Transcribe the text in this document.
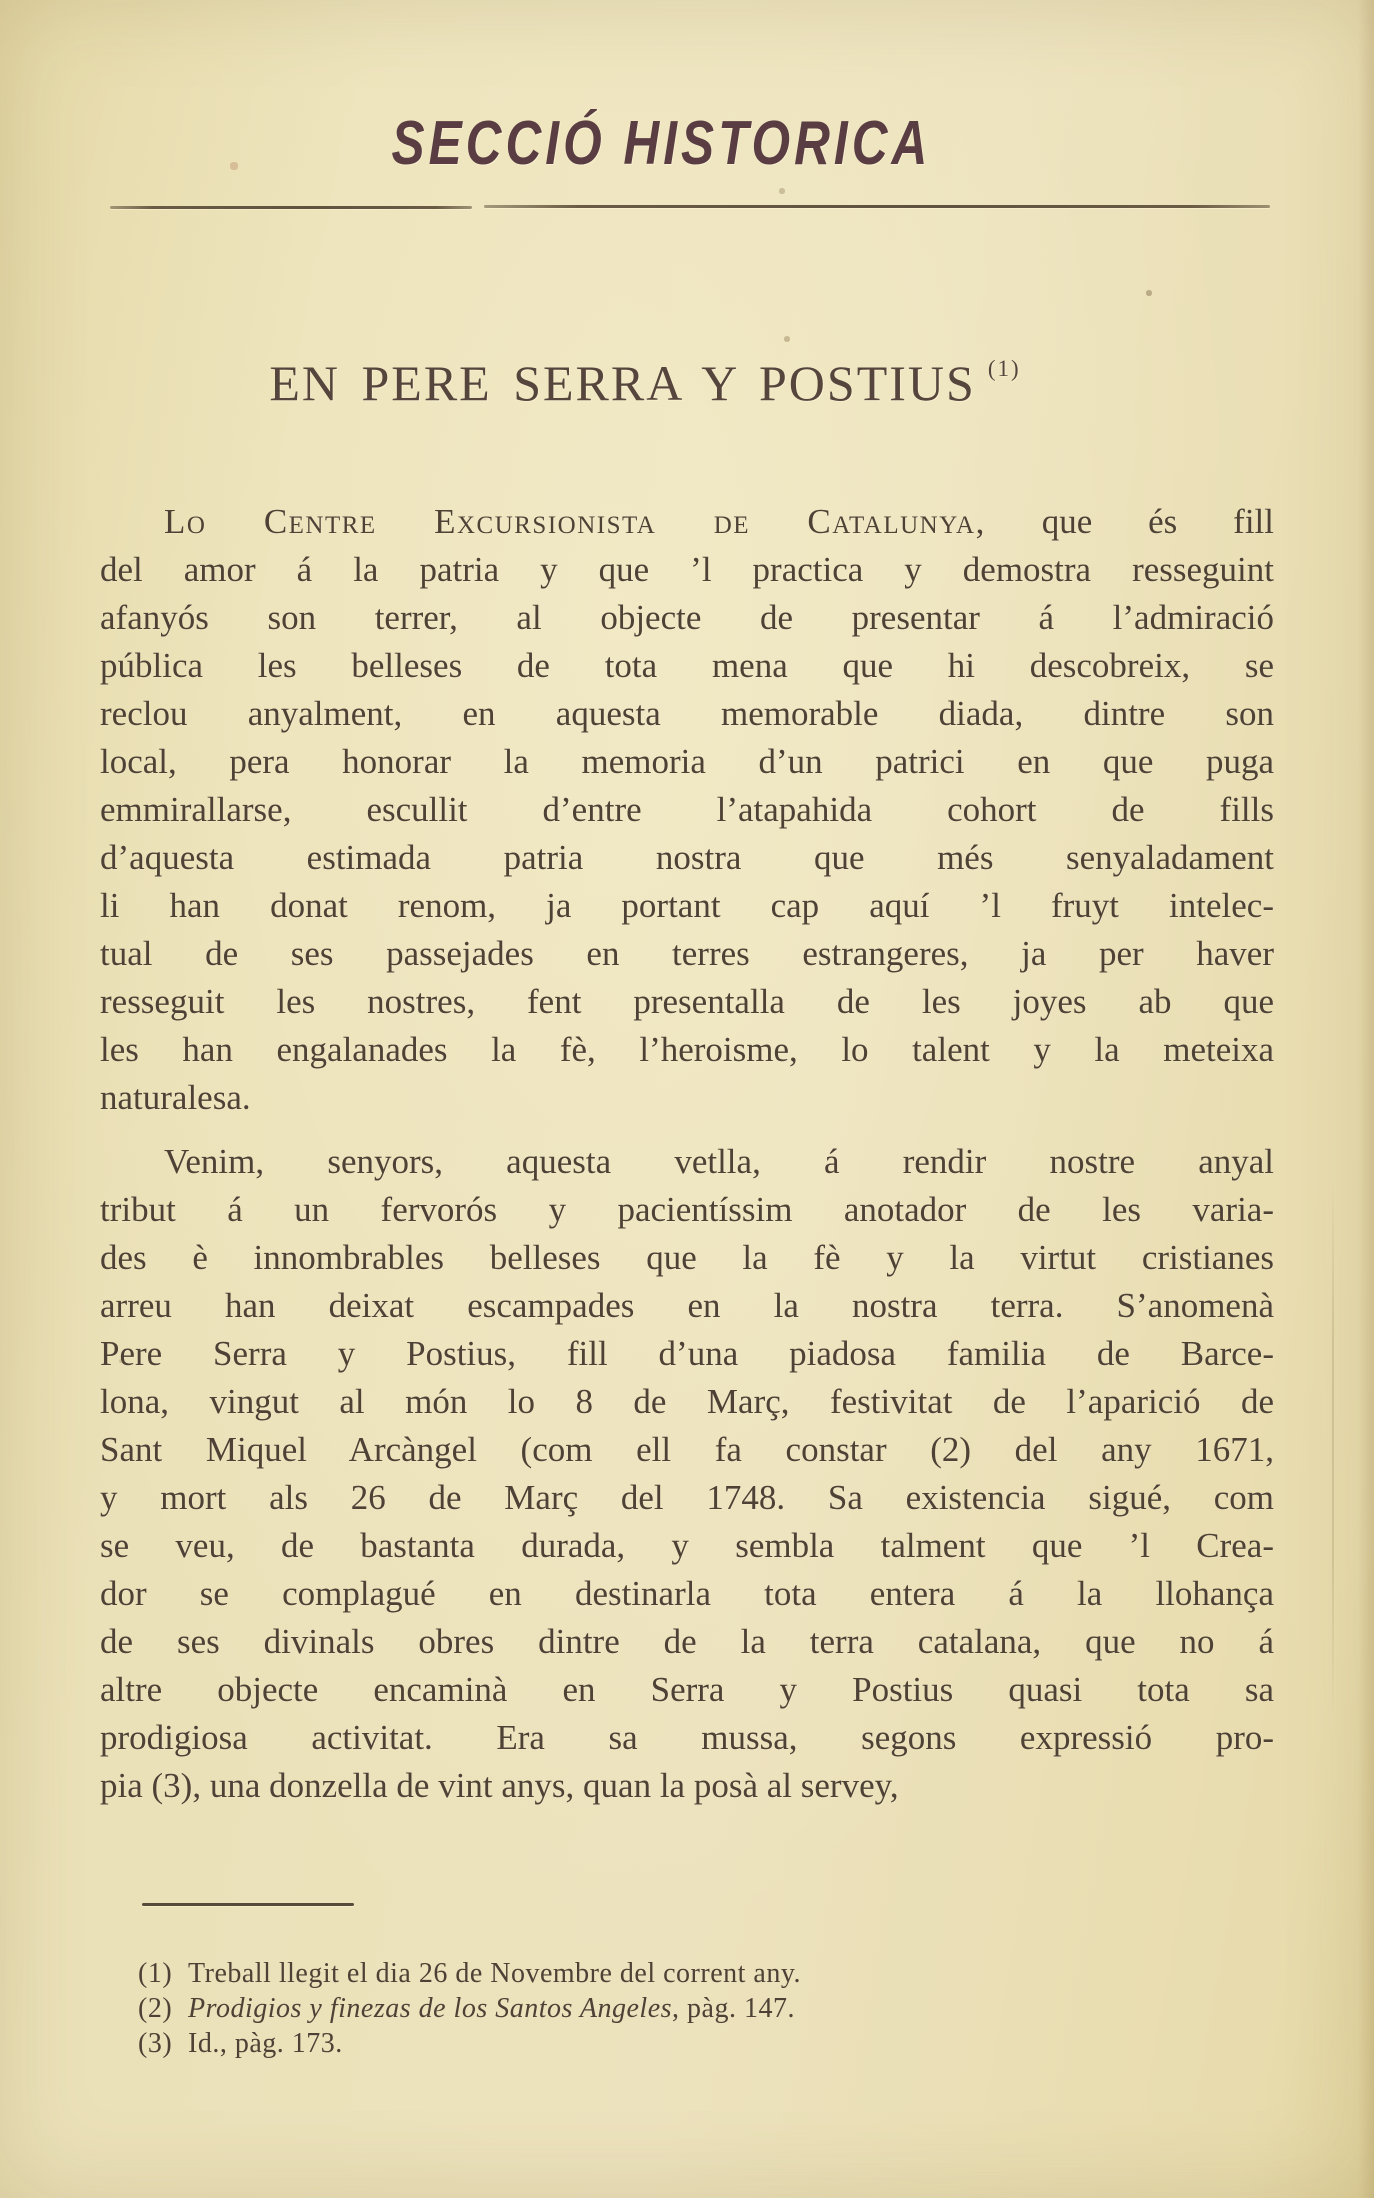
SECCIÓ HISTORICA
EN PERE SERRA Y POSTIUS $^{(1)}$

Lo Centre Excursionista de Catalunya, que és fill
del amor á la patria y que ’l practica y demostra resseguint
afanyós son terrer, al objecte de presentar á l’admiració
pública les belleses de tota mena que hi descobreix, se
reclou anyalment, en aquesta memorable diada, dintre son
local, pera honorar la memoria d’un patrici en que puga
emmirallarse, escullit d’entre l’atapahida cohort de fills
d’aquesta estimada patria nostra que més senyaladament
li han donat renom, ja portant cap aquí ’l fruyt intelec-
tual de ses passejades en terres estrangeres, ja per haver
resseguit les nostres, fent presentalla de les joyes ab que
les han engalanades la fè, l’heroisme, lo talent y la meteixa
naturalesa.

Venim, senyors, aquesta vetlla, á rendir nostre anyal
tribut á un fervorós y pacientíssim anotador de les varia-
des è innombrables belleses que la fè y la virtut cristianes
arreu han deixat escampades en la nostra terra. S’anomenà
Pere Serra y Postius, fill d’una piadosa familia de Barce-
lona, vingut al món lo 8 de Març, festivitat de l’aparició de
Sant Miquel Arcàngel (com ell fa constar (2) del any 1671,
y mort als 26 de Març del 1748. Sa existencia sigué, com
se veu, de bastanta durada, y sembla talment que ’l Crea-
dor se complagué en destinarla tota entera á la llohança
de ses divinals obres dintre de la terra catalana, que no á
altre objecte encaminà en Serra y Postius quasi tota sa
prodigiosa activitat. Era sa mussa, segons expressió pro-
pia (3), una donzella de vint anys, quan la posà al servey,

(1) Treball llegit el dia 26 de Novembre del corrent any.
(2) Prodigios y finezas de los Santos Angeles, pàg. 147.
(3) Id., pàg. 173.
